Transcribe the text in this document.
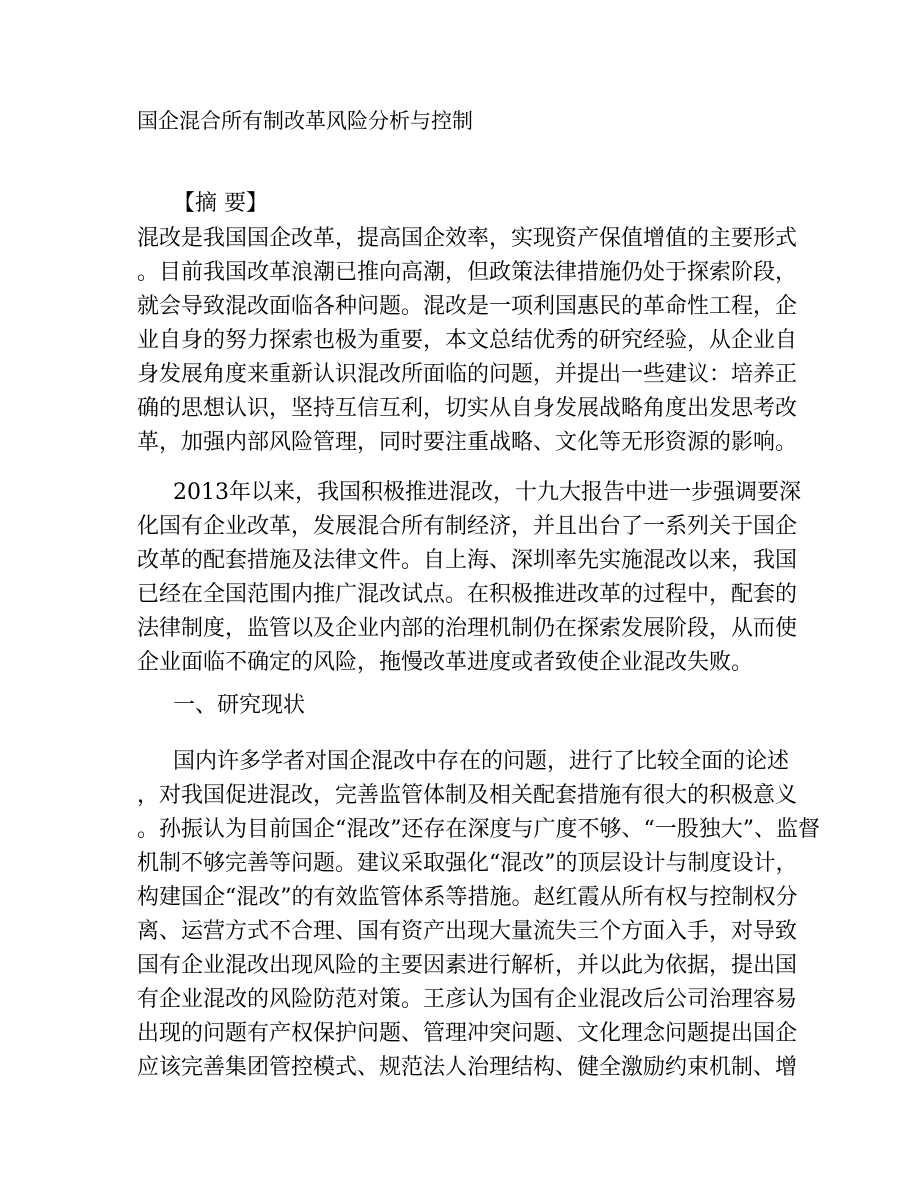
国企混合所有制改革风险分析与控制
【摘 要】
混改是我国国企改革，提高国企效率，实现资产保值增值的主要形式
。目前我国改革浪潮已推向高潮，但政策法律措施仍处于探索阶段，
就会导致混改面临各种问题。混改是一项利国惠民的革命性工程，企
业自身的努力探索也极为重要，本文总结优秀的研究经验，从企业自
身发展角度来重新认识混改所面临的问题，并提出一些建议：培养正
确的思想认识，坚持互信互利，切实从自身发展战略角度出发思考改
革，加强内部风险管理，同时要注重战略、文化等无形资源的影响。
2013年以来，我国积极推进混改，十九大报告中进一步强调要深
化国有企业改革，发展混合所有制经济，并且出台了一系列关于国企
改革的配套措施及法律文件。自上海、深圳率先实施混改以来，我国
已经在全国范围内推广混改试点。在积极推进改革的过程中，配套的
法律制度，监管以及企业内部的治理机制仍在探索发展阶段，从而使
企业面临不确定的风险，拖慢改革进度或者致使企业混改失败。
一、研究现状
国内许多学者对国企混改中存在的问题，进行了比较全面的论述
，对我国促进混改，完善监管体制及相关配套措施有很大的积极意义
。孙振认为目前国企“混改”还存在深度与广度不够、“一股独大”、监督
机制不够完善等问题。建议采取强化“混改”的顶层设计与制度设计，
构建国企“混改”的有效监管体系等措施。赵红霞从所有权与控制权分
离、运营方式不合理、国有资产出现大量流失三个方面入手，对导致
国有企业混改出现风险的主要因素进行解析，并以此为依据，提出国
有企业混改的风险防范对策。王彦认为国有企业混改后公司治理容易
出现的问题有产权保护问题、管理冲突问题、文化理念问题提出国企
应该完善集团管控模式、规范法人治理结构、健全激励约束机制、增
